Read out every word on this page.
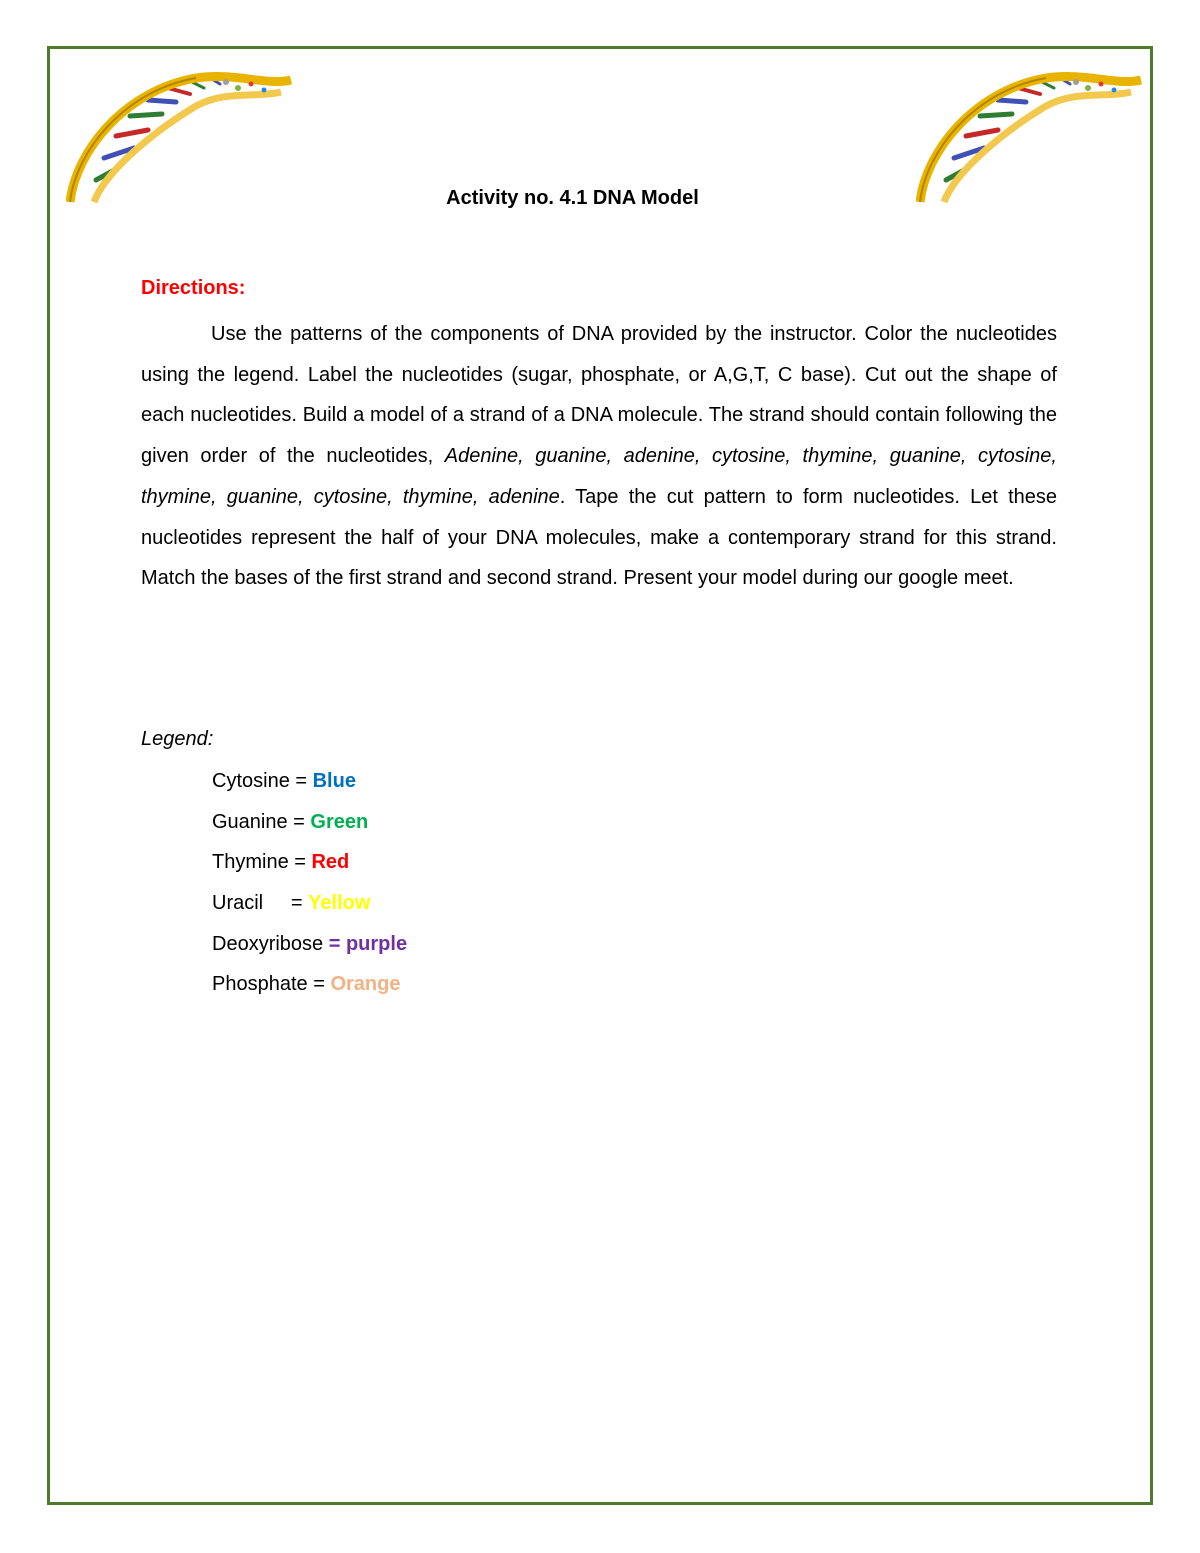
Activity no. 4.1 DNA Model
Directions:

Use the patterns of the components of DNA provided by the instructor. Color the nucleotides using the legend. Label the nucleotides (sugar, phosphate, or A,G,T, C base). Cut out the shape of each nucleotides. Build a model of a strand of a DNA molecule. The strand should contain following the given order of the nucleotides, Adenine, guanine, adenine, cytosine, thymine, guanine, cytosine, thymine, guanine, cytosine, thymine, adenine. Tape the cut pattern to form nucleotides. Let these nucleotides represent the half of your DNA molecules, make a contemporary strand for this strand. Match the bases of the first strand and second strand. Present your model during our google meet.

Legend:
Cytosine = Blue
Guanine = Green
Thymine = Red
Uracil     = Yellow
Deoxyribose = purple
Phosphate = Orange
